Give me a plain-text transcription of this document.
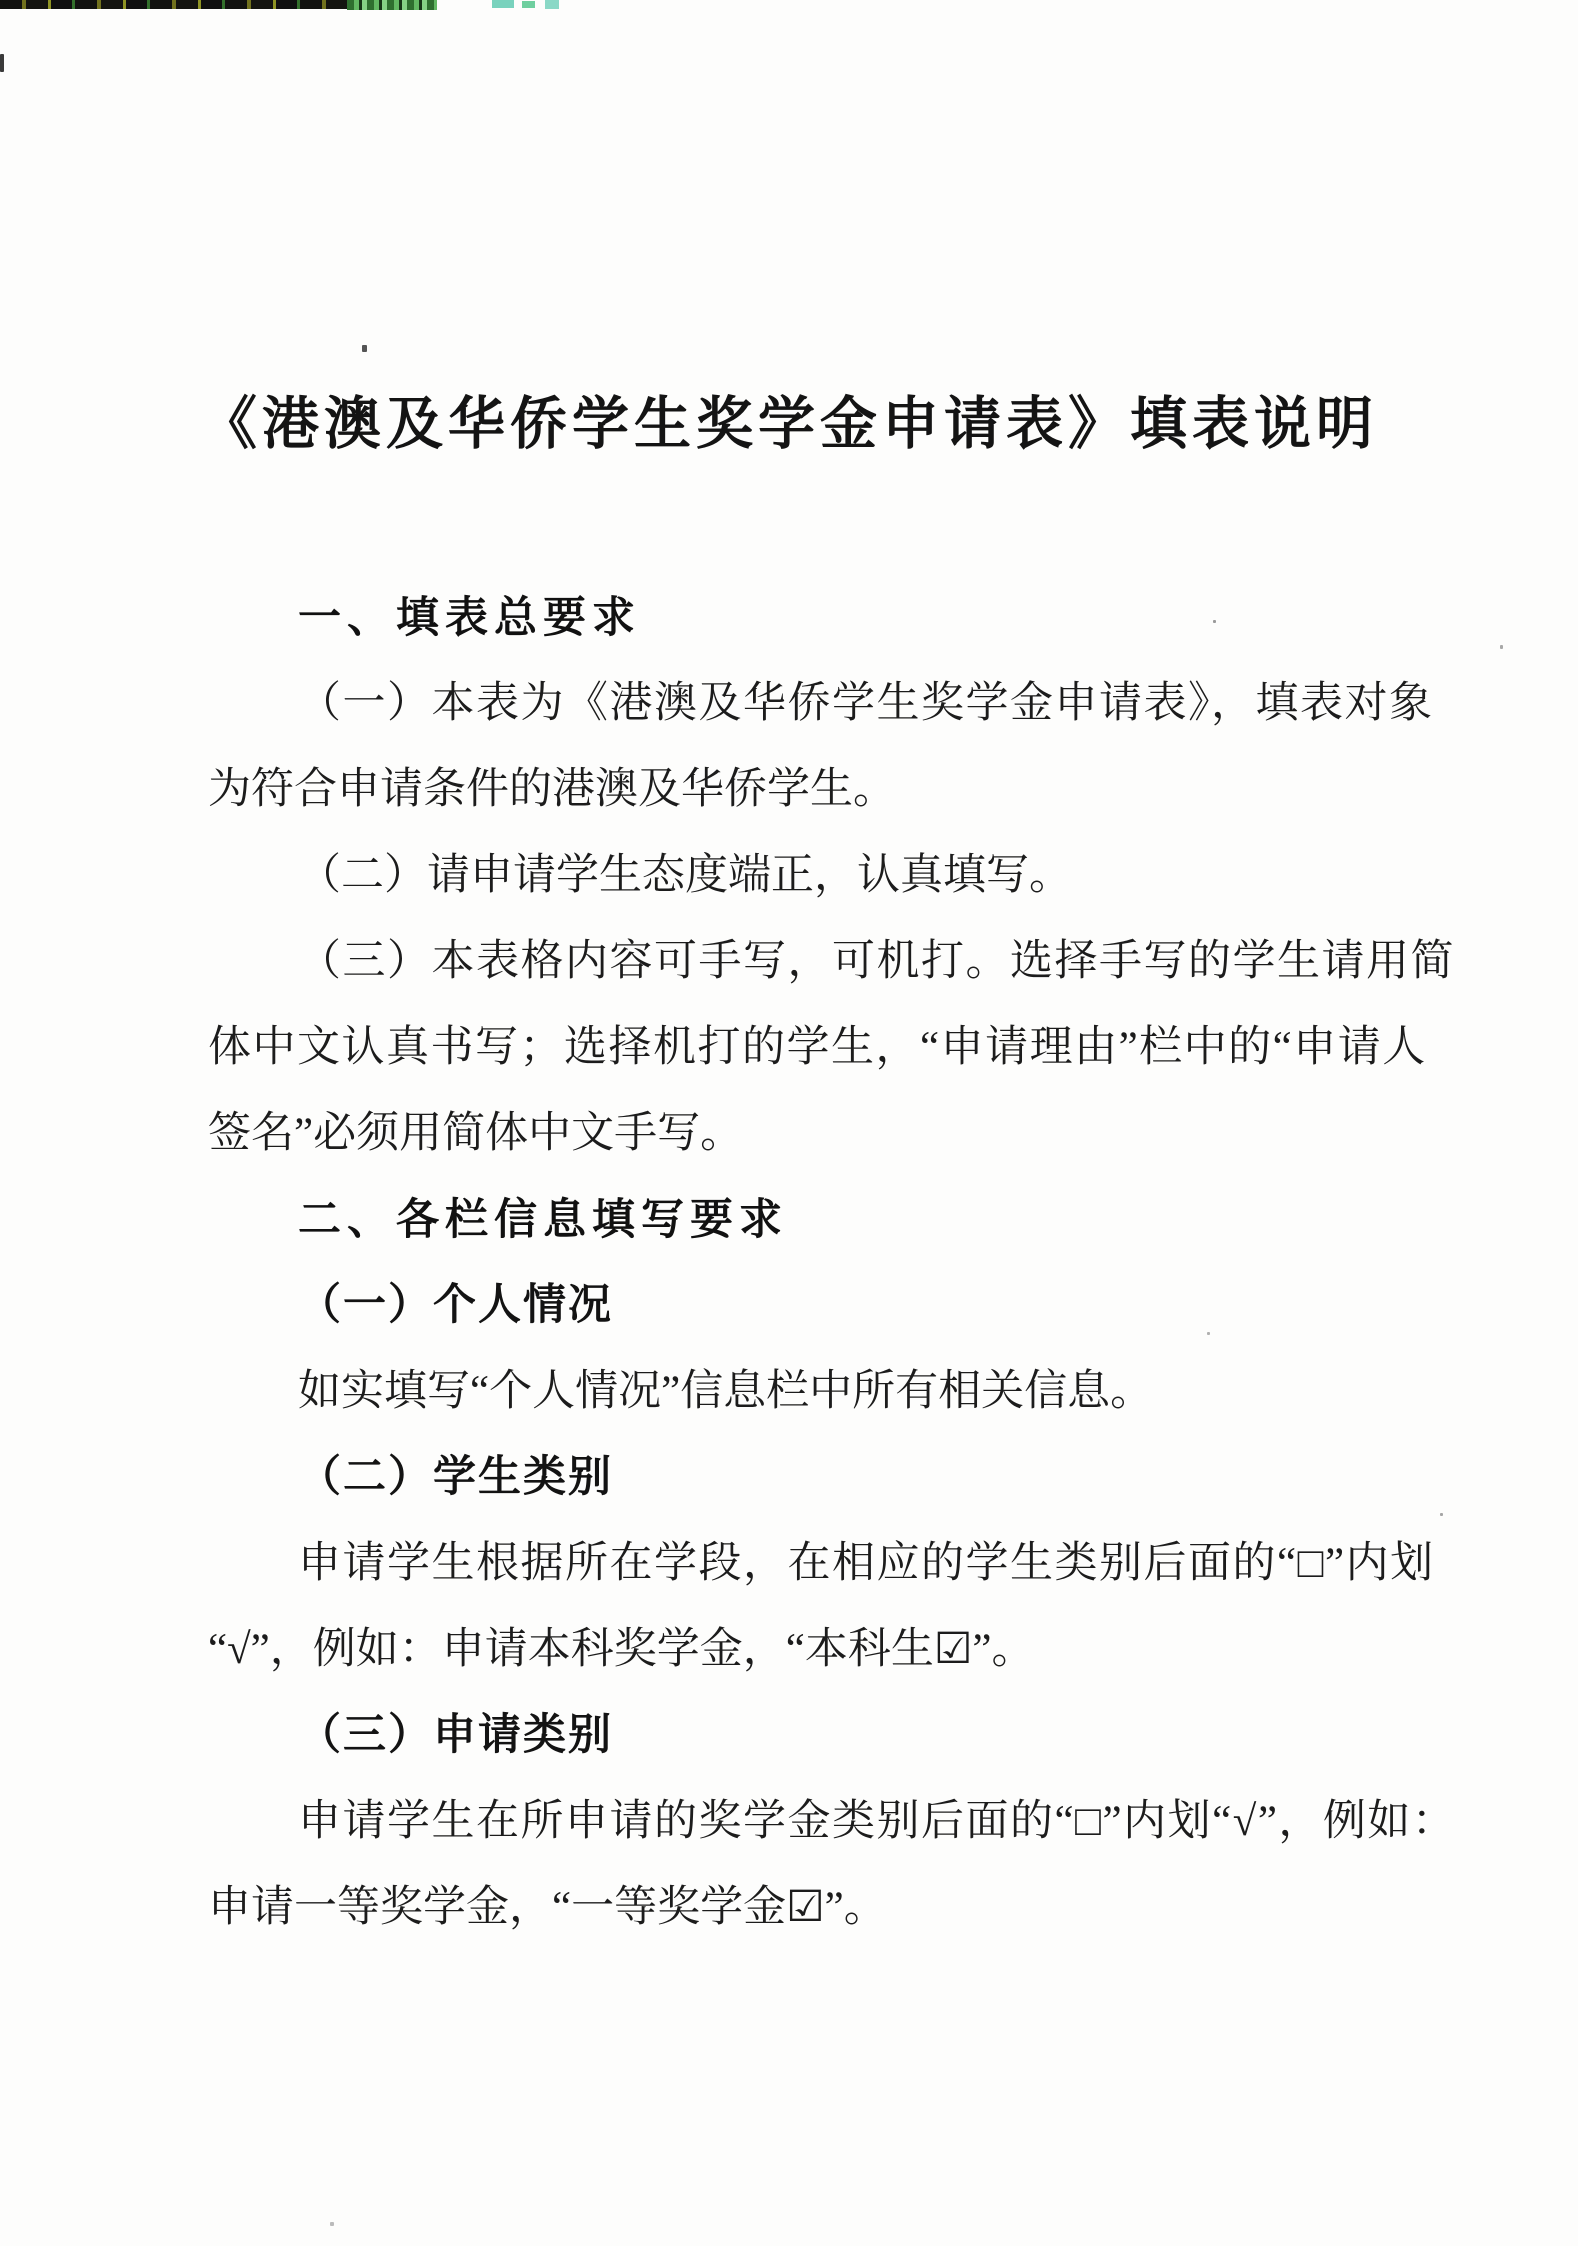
《港澳及华侨学生奖学金申请表》填表说明
一、填表总要求
（一）本表为《港澳及华侨学生奖学金申请表》，填表对象
为符合申请条件的港澳及华侨学生。
（二）请申请学生态度端正，认真填写。
（三）本表格内容可手写，可机打。选择手写的学生请用简
体中文认真书写；选择机打的学生，“申请理由”栏中的“申请人
签名”必须用简体中文手写。
二、各栏信息填写要求
（一）个人情况
如实填写“个人情况”信息栏中所有相关信息。
（二）学生类别
申请学生根据所在学段，在相应的学生类别后面的“□”内划
“√”，例如：申请本科奖学金，“本科生☑”。
（三）申请类别
申请学生在所申请的奖学金类别后面的“□”内划“√”，例如：
申请一等奖学金，“一等奖学金☑”。
